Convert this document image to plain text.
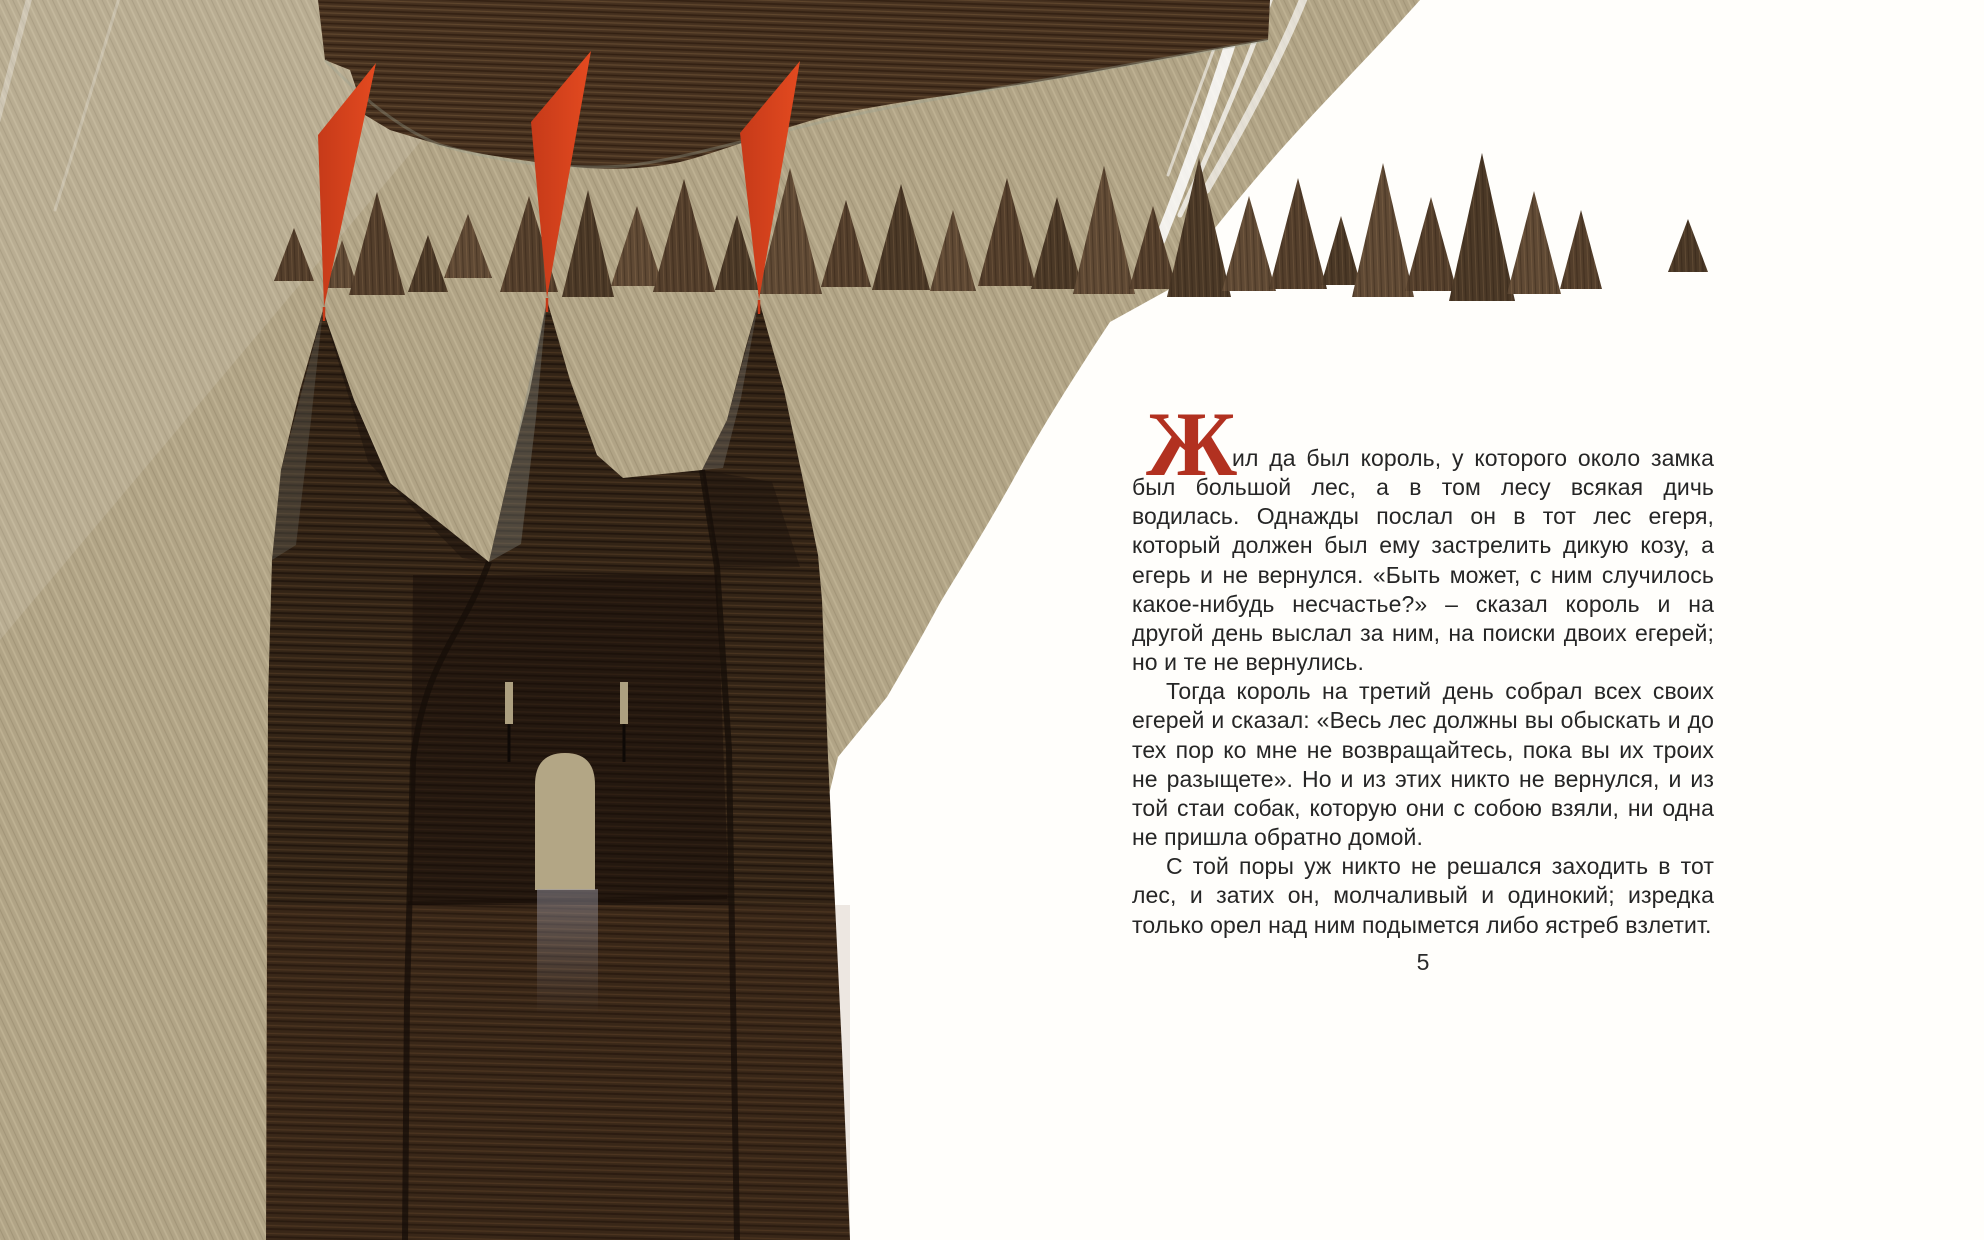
Ж

ил да был король, у которого около замка был большой лес, а в том лесу всякая дичь водилась. Однажды послал он в тот лес егеря, который должен был ему застрелить дикую козу, а егерь и не вернулся. «Быть может, с ним случилось какое-нибудь несчастье?» – сказал король и на другой день выслал за ним, на поиски двоих егерей; но и те не вернулись.

Тогда король на третий день собрал всех своих егерей и сказал: «Весь лес должны вы обыскать и до тех пор ко мне не возвращайтесь, пока вы их троих не разыщете». Но и из этих никто не вернулся, и из той стаи собак, которую они с собою взяли, ни одна не пришла обратно домой.

С той поры уж никто не решался заходить в тот лес, и затих он, молчаливый и одинокий; изредка только орел над ним подымется либо ястреб взлетит.

5
